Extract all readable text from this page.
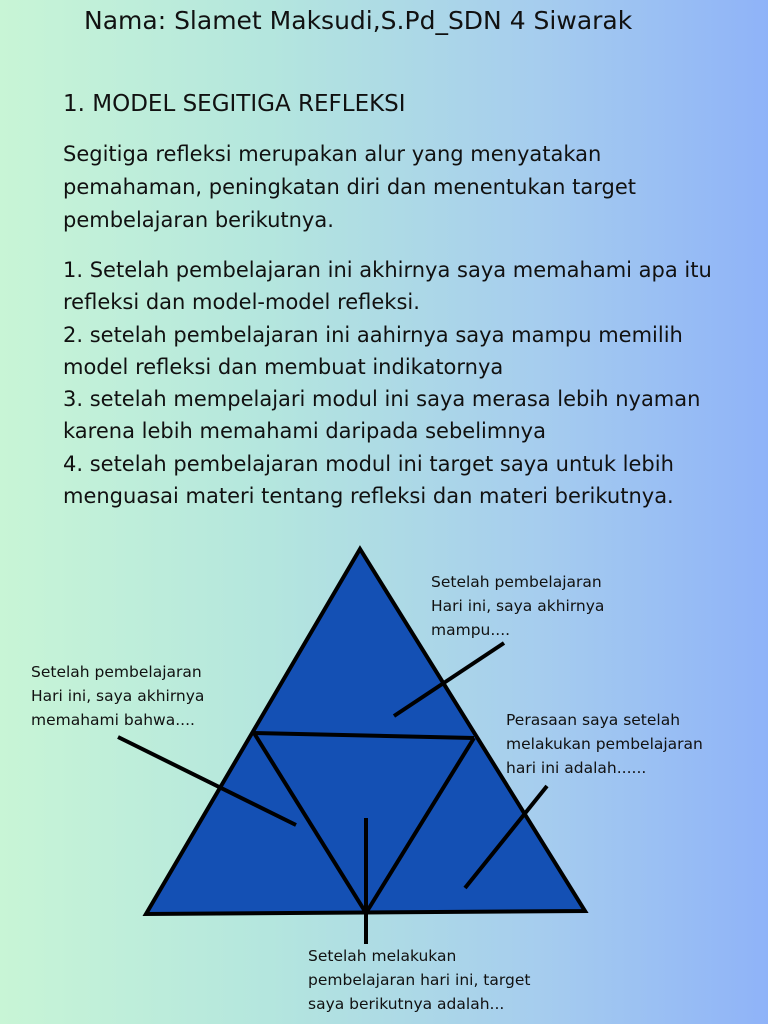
Nama: Slamet Maksudi,S.Pd_SDN 4 Siwarak
1. MODEL SEGITIGA REFLEKSI
Segitiga refleksi merupakan alur yang menyatakan pemahaman, peningkatan diri dan menentukan target pembelajaran berikutnya.
1. Setelah pembelajaran ini akhirnya saya memahami apa itu refleksi dan model-model refleksi.
2. setelah pembelajaran ini aahirnya saya mampu memilih model refleksi dan membuat indikatornya
3. setelah mempelajari modul ini saya merasa lebih nyaman karena lebih memahami daripada sebelimnya
4. setelah pembelajaran modul ini target saya untuk lebih menguasai materi tentang refleksi dan materi berikutnya.
Setelah pembelajaran
Hari ini, saya akhirnya
mampu....
Setelah pembelajaran
Hari ini, saya akhirnya
memahami bahwa....	Perasaan saya setelah
melakukan pembelajaran
hari ini adalah......
Setelah melakukan
pembelajaran hari ini, target
saya berikutnya adalah...
